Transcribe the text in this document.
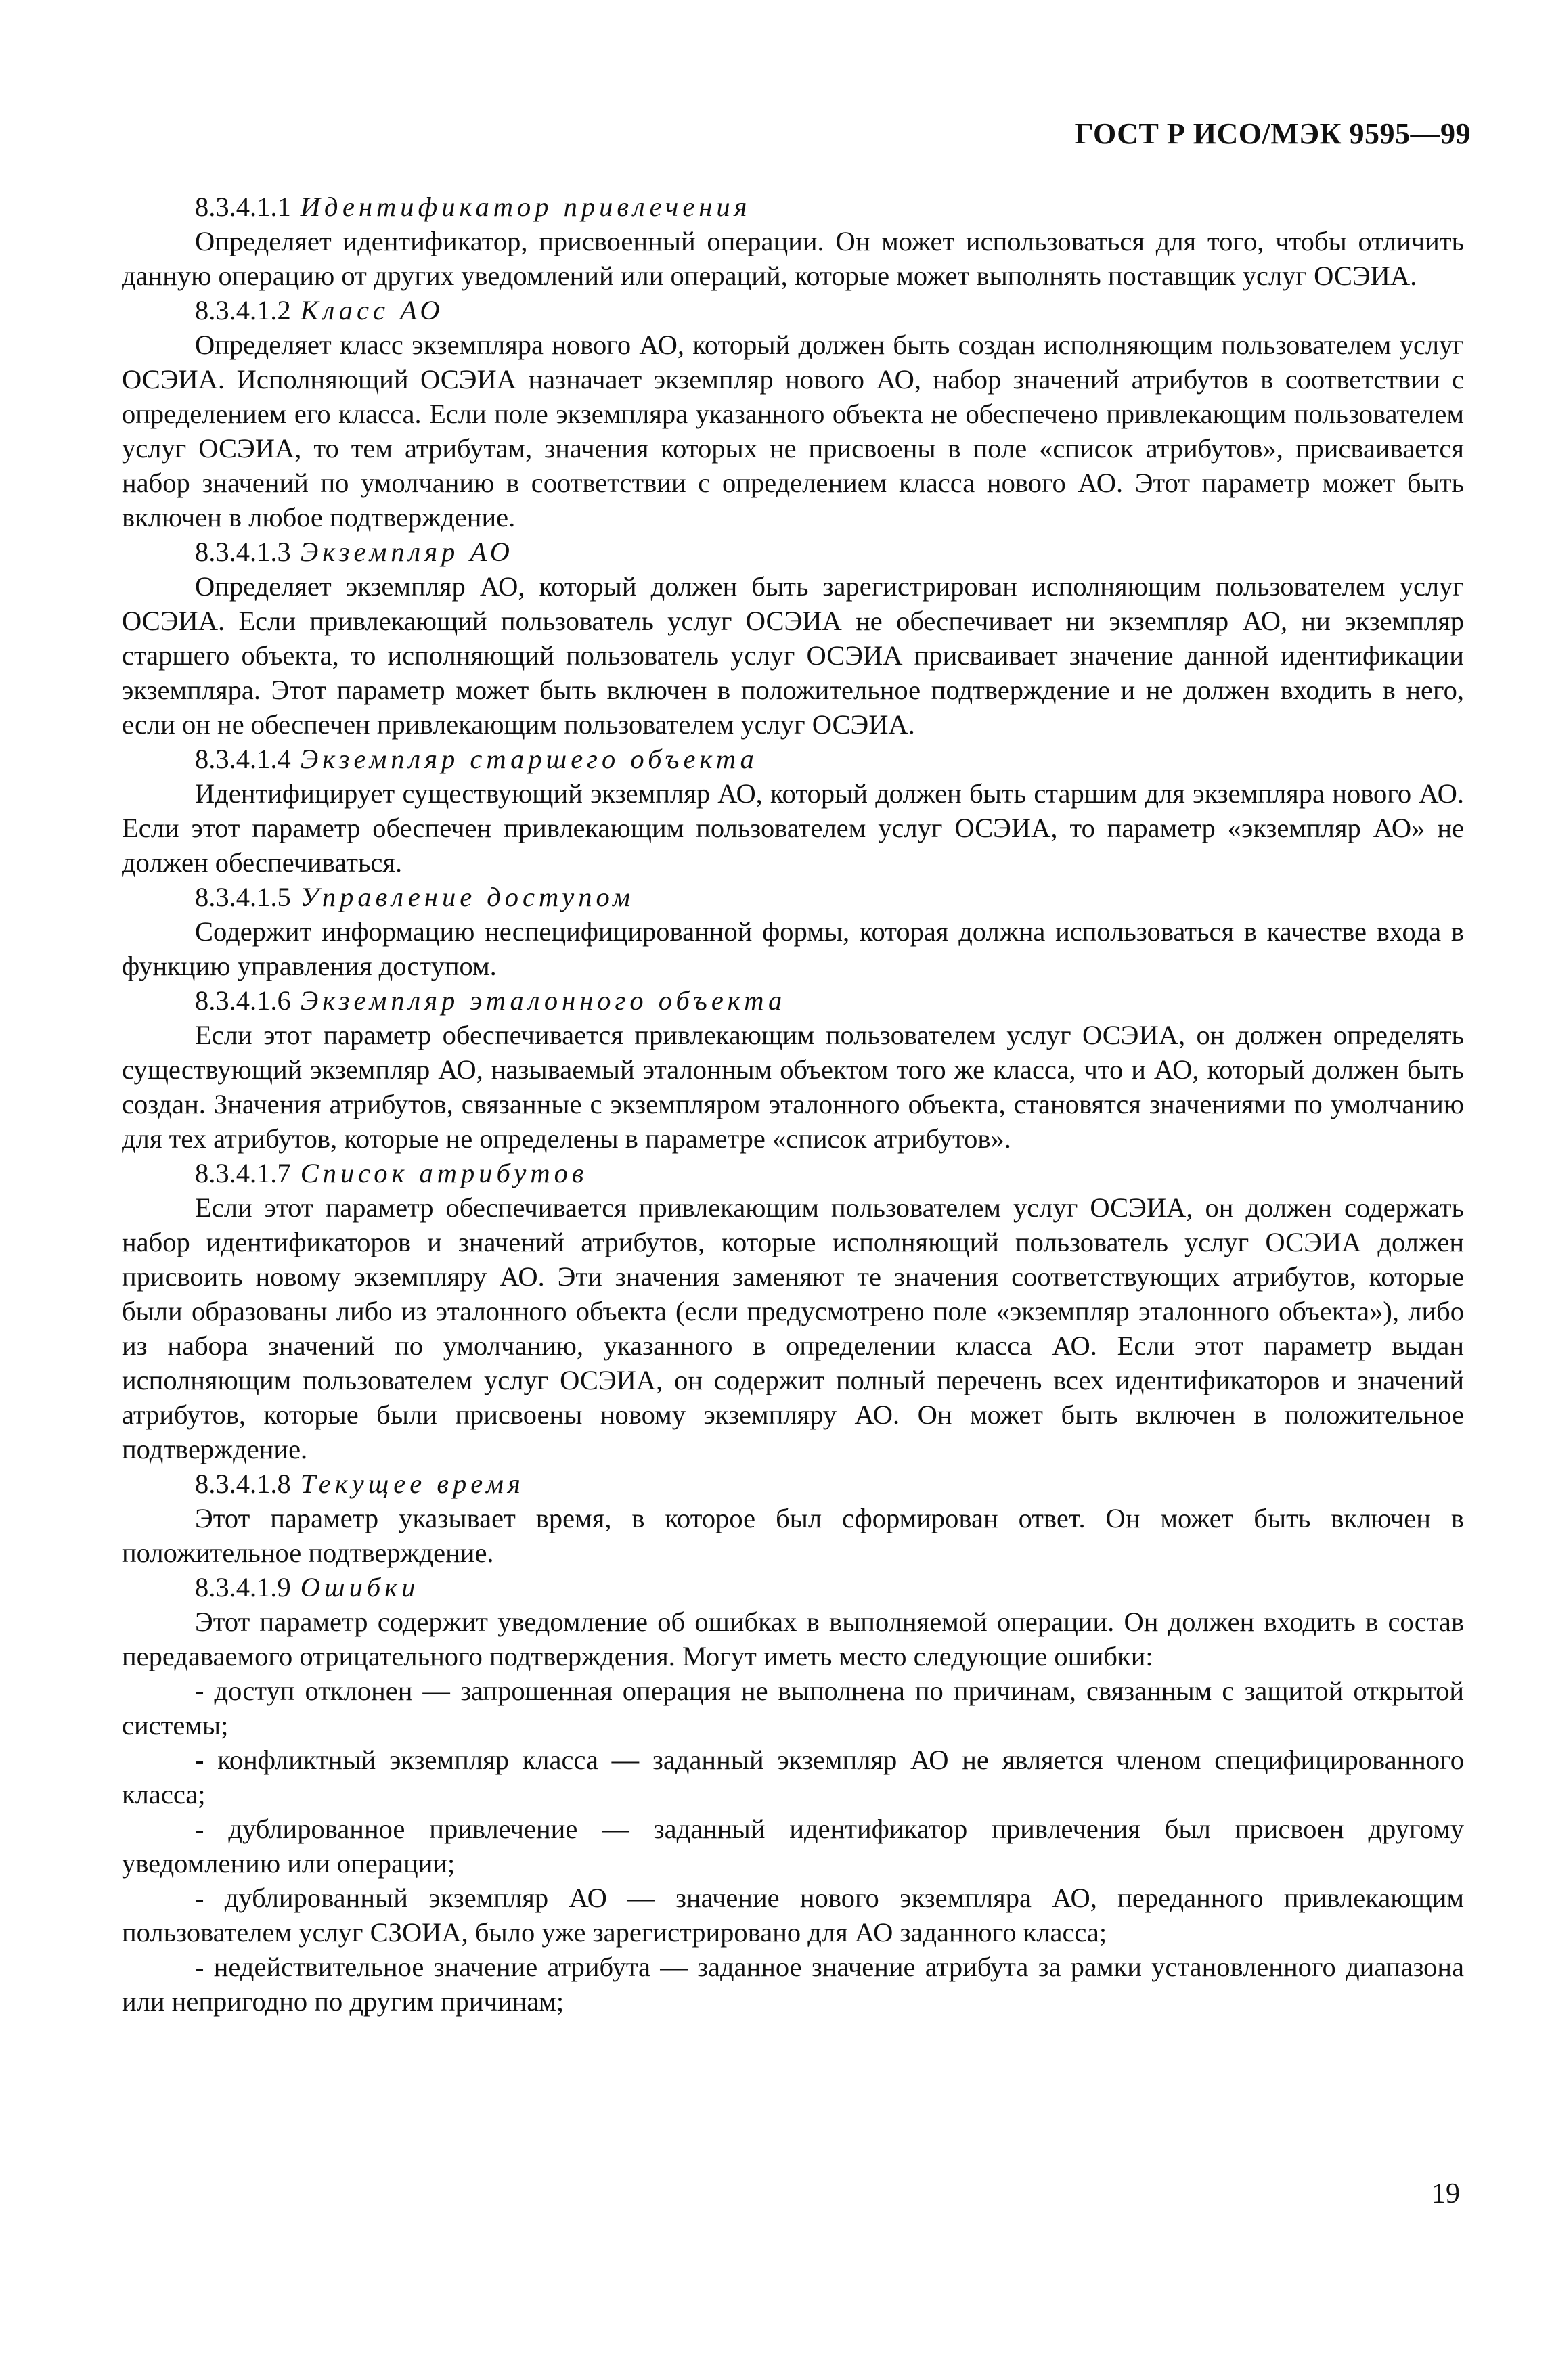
ГОСТ Р ИСО/МЭК 9595—99

8.3.4.1.1 Идентификатор привлечения

Определяет идентификатор, присвоенный операции. Он может использоваться для того, чтобы отличить данную операцию от других уведомлений или операций, которые может выполнять поставщик услуг ОСЭИА.

8.3.4.1.2 Класс АО

Определяет класс экземпляра нового АО, который должен быть создан исполняющим пользователем услуг ОСЭИА. Исполняющий ОСЭИА назначает экземпляр нового АО, набор значений атрибутов в соответствии с определением его класса. Если поле экземпляра указанного объекта не обеспечено привлекающим пользователем услуг ОСЭИА, то тем атрибутам, значения которых не присвоены в поле «список атрибутов», присваивается набор значений по умолчанию в соответствии с определением класса нового АО. Этот параметр может быть включен в любое подтверждение.

8.3.4.1.3 Экземпляр АО

Определяет экземпляр АО, который должен быть зарегистрирован исполняющим пользователем услуг ОСЭИА. Если привлекающий пользователь услуг ОСЭИА не обеспечивает ни экземпляр АО, ни экземпляр старшего объекта, то исполняющий пользователь услуг ОСЭИА присваивает значение данной идентификации экземпляра. Этот параметр может быть включен в положительное подтверждение и не должен входить в него, если он не обеспечен привлекающим пользователем услуг ОСЭИА.

8.3.4.1.4 Экземпляр старшего объекта

Идентифицирует существующий экземпляр АО, который должен быть старшим для экземпляра нового АО. Если этот параметр обеспечен привлекающим пользователем услуг ОСЭИА, то параметр «экземпляр АО» не должен обеспечиваться.

8.3.4.1.5 Управление доступом

Содержит информацию неспецифицированной формы, которая должна использоваться в качестве входа в функцию управления доступом.

8.3.4.1.6 Экземпляр эталонного объекта

Если этот параметр обеспечивается привлекающим пользователем услуг ОСЭИА, он должен определять существующий экземпляр АО, называемый эталонным объектом того же класса, что и АО, который должен быть создан. Значения атрибутов, связанные с экземпляром эталонного объекта, становятся значениями по умолчанию для тех атрибутов, которые не определены в параметре «список атрибутов».

8.3.4.1.7 Список атрибутов

Если этот параметр обеспечивается привлекающим пользователем услуг ОСЭИА, он должен содержать набор идентификаторов и значений атрибутов, которые исполняющий пользователь услуг ОСЭИА должен присвоить новому экземпляру АО. Эти значения заменяют те значения соответствующих атрибутов, которые были образованы либо из эталонного объекта (если предусмотрено поле «экземпляр эталонного объекта»), либо из набора значений по умолчанию, указанного в определении класса АО. Если этот параметр выдан исполняющим пользователем услуг ОСЭИА, он содержит полный перечень всех идентификаторов и значений атрибутов, которые были присвоены новому экземпляру АО. Он может быть включен в положительное подтверждение.

8.3.4.1.8 Текущее время

Этот параметр указывает время, в которое был сформирован ответ. Он может быть включен в положительное подтверждение.

8.3.4.1.9 Ошибки

Этот параметр содержит уведомление об ошибках в выполняемой операции. Он должен входить в состав передаваемого отрицательного подтверждения. Могут иметь место следующие ошибки:

- доступ отклонен — запрошенная операция не выполнена по причинам, связанным с защитой открытой системы;

- конфликтный экземпляр класса — заданный экземпляр АО не является членом специфицированного класса;

- дублированное привлечение — заданный идентификатор привлечения был присвоен другому уведомлению или операции;

- дублированный экземпляр АО — значение нового экземпляра АО, переданного привлекающим пользователем услуг СЗОИА, было уже зарегистрировано для АО заданного класса;

- недействительное значение атрибута — заданное значение атрибута за рамки установленного диапазона или непригодно по другим причинам;

19
